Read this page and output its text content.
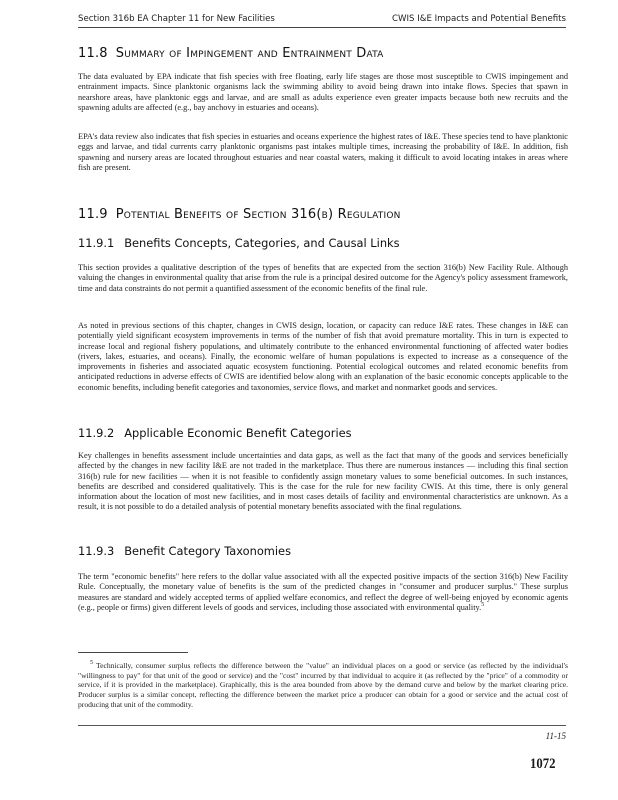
Section 316b EA Chapter 11 for New Facilities	CWIS I&E Impacts and Potential Benefits
11.8 Summary of Impingement and Entrainment Data

The data evaluated by EPA indicate that fish species with free floating, early life stages are those most susceptible to CWIS impingement and entrainment impacts. Since planktonic organisms lack the swimming ability to avoid being drawn into intake flows. Species that spawn in nearshore areas, have planktonic eggs and larvae, and are small as adults experience even greater impacts because both new recruits and the spawning adults are affected (e.g., bay anchovy in estuaries and oceans).

EPA's data review also indicates that fish species in estuaries and oceans experience the highest rates of I&E. These species tend to have planktonic eggs and larvae, and tidal currents carry planktonic organisms past intakes multiple times, increasing the probability of I&E. In addition, fish spawning and nursery areas are located throughout estuaries and near coastal waters, making it difficult to avoid locating intakes in areas where fish are present.

11.9 Potential Benefits of Section 316(b) Regulation
11.9.1 Benefits Concepts, Categories, and Causal Links

This section provides a qualitative description of the types of benefits that are expected from the section 316(b) New Facility Rule. Although valuing the changes in environmental quality that arise from the rule is a principal desired outcome for the Agency's policy assessment framework, time and data constraints do not permit a quantified assessment of the economic benefits of the final rule.

As noted in previous sections of this chapter, changes in CWIS design, location, or capacity can reduce I&E rates. These changes in I&E can potentially yield significant ecosystem improvements in terms of the number of fish that avoid premature mortality. This in turn is expected to increase local and regional fishery populations, and ultimately contribute to the enhanced environmental functioning of affected water bodies (rivers, lakes, estuaries, and oceans). Finally, the economic welfare of human populations is expected to increase as a consequence of the improvements in fisheries and associated aquatic ecosystem functioning. Potential ecological outcomes and related economic benefits from anticipated reductions in adverse effects of CWIS are identified below along with an explanation of the basic economic concepts applicable to the economic benefits, including benefit categories and taxonomies, service flows, and market and nonmarket goods and services.

11.9.2 Applicable Economic Benefit Categories

Key challenges in benefits assessment include uncertainties and data gaps, as well as the fact that many of the goods and services beneficially affected by the changes in new facility I&E are not traded in the marketplace. Thus there are numerous instances — including this final section 316(b) rule for new facilities — when it is not feasible to confidently assign monetary values to some beneficial outcomes. In such instances, benefits are described and considered qualitatively. This is the case for the rule for new facility CWIS. At this time, there is only general information about the location of most new facilities, and in most cases details of facility and environmental characteristics are unknown. As a result, it is not possible to do a detailed analysis of potential monetary benefits associated with the final regulations.

11.9.3 Benefit Category Taxonomies

The term "economic benefits" here refers to the dollar value associated with all the expected positive impacts of the section 316(b) New Facility Rule. Conceptually, the monetary value of benefits is the sum of the predicted changes in "consumer and producer surplus." These surplus measures are standard and widely accepted terms of applied welfare economics, and reflect the degree of well-being enjoyed by economic agents (e.g., people or firms) given different levels of goods and services, including those associated with environmental quality.$^5$

$^5$ Technically, consumer surplus reflects the difference between the "value" an individual places on a good or service (as reflected by the individual's "willingness to pay" for that unit of the good or service) and the "cost" incurred by that individual to acquire it (as reflected by the "price" of a commodity or service, if it is provided in the marketplace). Graphically, this is the area bounded from above by the demand curve and below by the market clearing price. Producer surplus is a similar concept, reflecting the difference between the market price a producer can obtain for a good or service and the actual cost of producing that unit of the commodity.

11-15
1072
